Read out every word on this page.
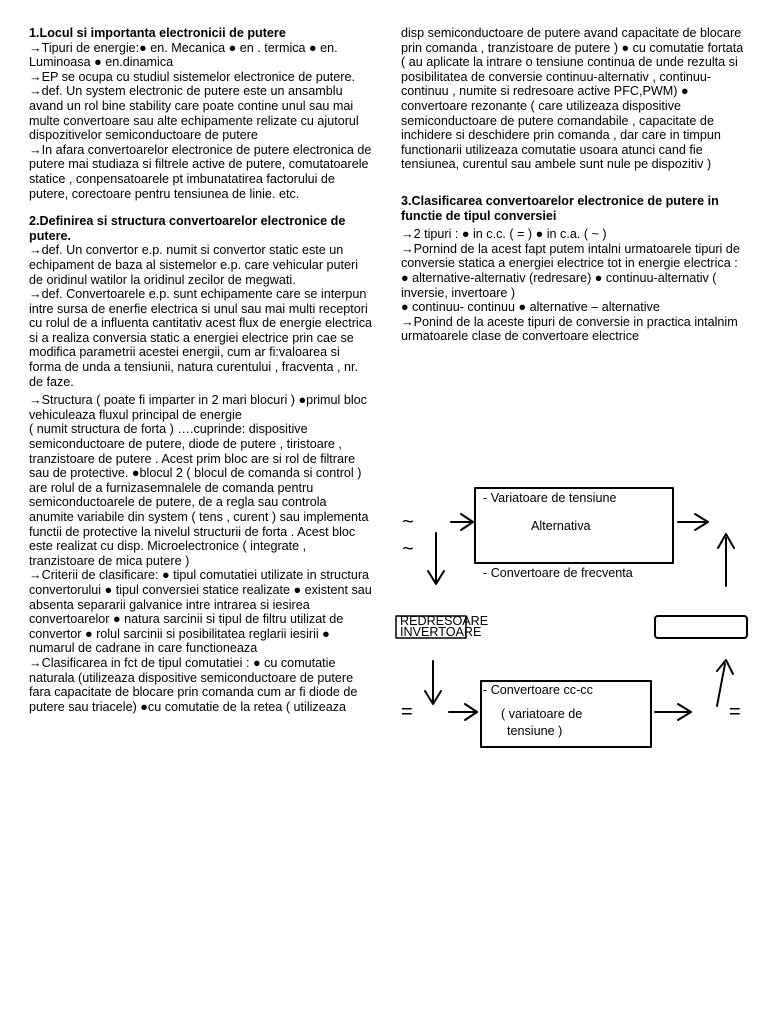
1.Locul si importanta electronicii de putere

→Tipuri de energie:● en. Mecanica ● en . termica ● en. Luminoasa ● en.dinamica

→EP se ocupa cu studiul sistemelor electronice de putere.

→def. Un system electronic de putere este un ansamblu avand un rol bine stability care poate contine unul sau mai multe convertoare sau alte echipamente relizate cu ajutorul dispozitivelor semiconductoare de putere

→In afara convertoarelor electronice de putere electronica de putere mai studiaza si filtrele active de putere, comutatoarele statice , conpensatoarele pt imbunatatirea factorului de putere, corectoare pentru tensiunea de linie. etc.

2.Definirea si structura convertoarelor electronice de putere.

→def. Un convertor e.p. numit si convertor static este un echipament de baza al sistemelor e.p. care vehicular puteri de oridinul watilor la oridinul zecilor de megwati.

→def. Convertoarele e.p. sunt echipamente care se interpun intre sursa de enerfie electrica si unul sau mai multi receptori cu rolul de a influenta cantitativ acest flux de energie electrica si a realiza conversia static a energiei electrice prin cae se modifica parametrii acestei energii, cum ar fi:valoarea si forma de unda a tensiunii, natura curentului , fracventa , nr. de faze.

→Structura ( poate fi imparter in 2 mari blocuri ) ●primul bloc vehiculeaza fluxul principal de energie

( numit structura de forta ) ….cuprinde: dispositive semiconductoare de putere, diode de putere , tiristoare , tranzistoare de putere . Acest prim bloc are si rol de filtrare sau de protective. ●blocul 2 ( blocul de comanda si control ) are rolul de a furnizasemnalele de comanda pentru semiconductoarele de putere, de a regla sau controla anumite variabile din system ( tens , curent ) sau implementa functii de protective la nivelul structurii de forta . Acest bloc este realizat cu disp. Microelectronice ( integrate , tranzistoare de mica putere )

→Criterii de clasificare: ● tipul comutatiei utilizate in structura convertorului ● tipul conversiei statice realizate ● existent sau absenta separarii galvanice intre intrarea si iesirea convertoarelor ● natura sarcinii si tipul de filtru utilizat de convertor ● rolul sarcinii si posibilitatea reglarii iesirii ● numarul de cadrane in care functioneaza

→Clasificarea in fct de tipul comutatiei : ● cu comutatie naturala (utilizeaza dispositive semiconductoare de putere fara capacitate de blocare prin comanda cum ar fi diode de putere sau triacele) ●cu comutatie de la retea ( utilizeaza

disp semiconductoare de putere avand capacitate de blocare prin comanda , tranzistoare de putere ) ● cu comutatie fortata ( au aplicate la intrare o tensiune continua de unde rezulta si posibilitatea de conversie continuu-alternativ , continuu-continuu , numite si redresoare active PFC,PWM) ● convertoare rezonante ( care utilizeaza dispositive semiconductoare de putere comandabile , capacitate de inchidere si deschidere prin comanda , dar care in timpun functionarii utilizeaza comutatie usoara atunci cand fie tensiunea, curentul sau ambele sunt nule pe dispozitiv )

3.Clasificarea convertoarelor electronice de putere in functie de tipul conversiei

→2 tipuri : ● in c.c. ( = ) ● in c.a. ( ~ )

→Pornind de la acest fapt putem intalni urmatoarele tipuri de conversie statica a energiei electrice tot in energie electrica : ● alternative-alternativ (redresare) ● continuu-alternativ ( inversie, invertoare )

● continuu- continuu ● alternative – alternative

→Ponind de la aceste tipuri de conversie in practica intalnim urmatoarele clase de convertoare electrice

- Variatoare de tensiune
Alternativa
- Convertoare de frecventa
REDRESOARE
INVERTOARE
- Convertoare cc-cc
( variatoare de
tensiune )
~
~
=	=
